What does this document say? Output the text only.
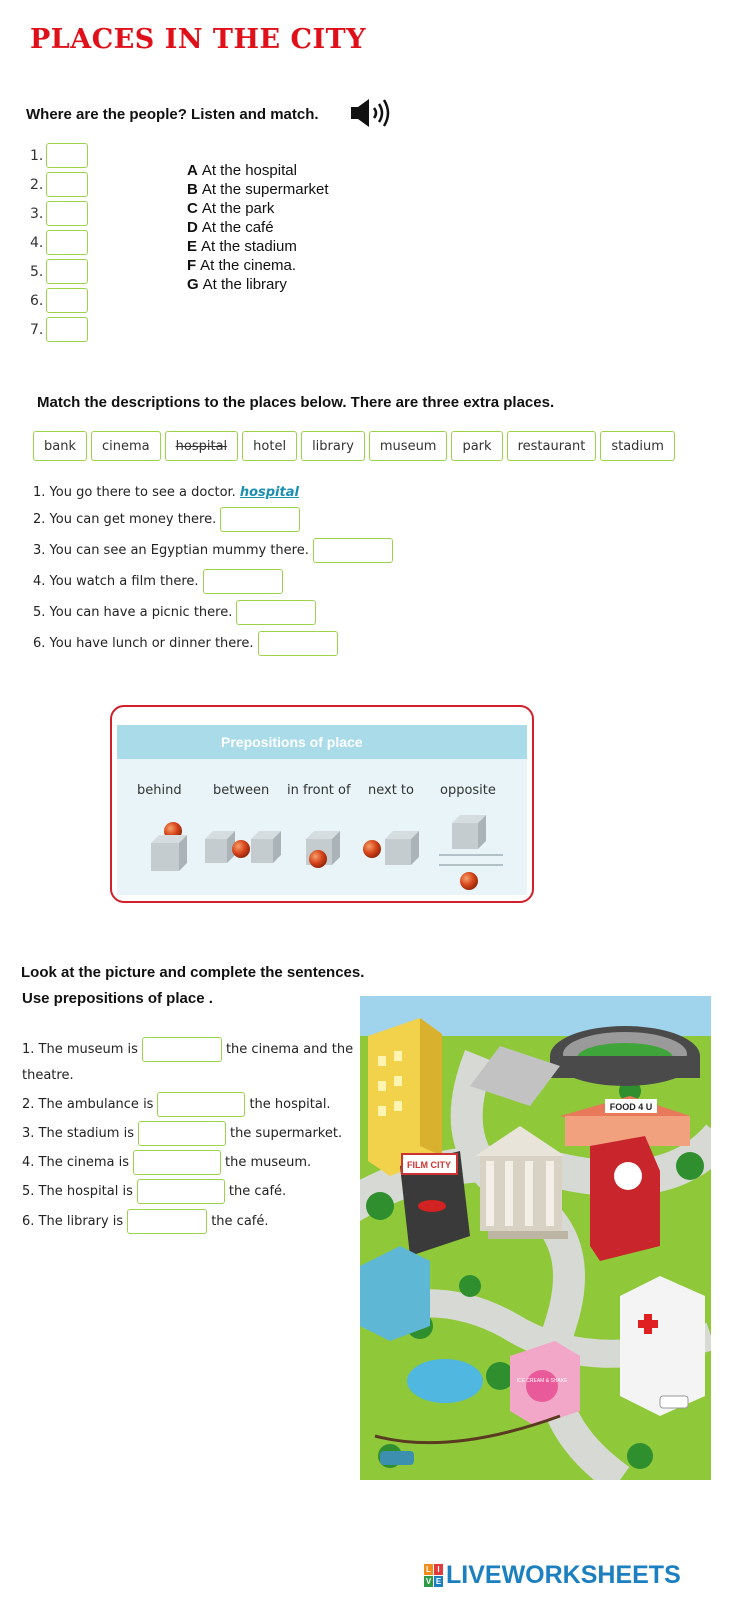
PLACES IN THE CITY
Where are the people? Listen and match.
1.
2.
3.
4.
5.
6.
7.
A At the hospital
B At the supermarket
C At the park
D At the café
E At the stadium
F At the cinema.
G At the library
Match the descriptions to the places below. There are three extra places.
bank	cinema	hospital	hotel	library	museum	park	restaurant	stadium
1. You go there to see a doctor. hospital
2. You can get money there.
3. You can see an Egyptian mummy there.
4. You watch a film there.
5. You can have a picnic there.
6. You have lunch or dinner there.
Prepositions of place
behind between in front of next to opposite
Look at the picture and complete the sentences.
Use prepositions of place .
1. The museum is	the cinema and the
theatre.
2. The ambulance is	the hospital.
3. The stadium is	the supermarket.
4. The cinema is	the museum.
5. The hospital is	the café.
6. The library is	the café.
FOOD 4 U
FILM CITY
ICE CREAM & SHAKE
L I
V E LIVEWORKSHEETS
